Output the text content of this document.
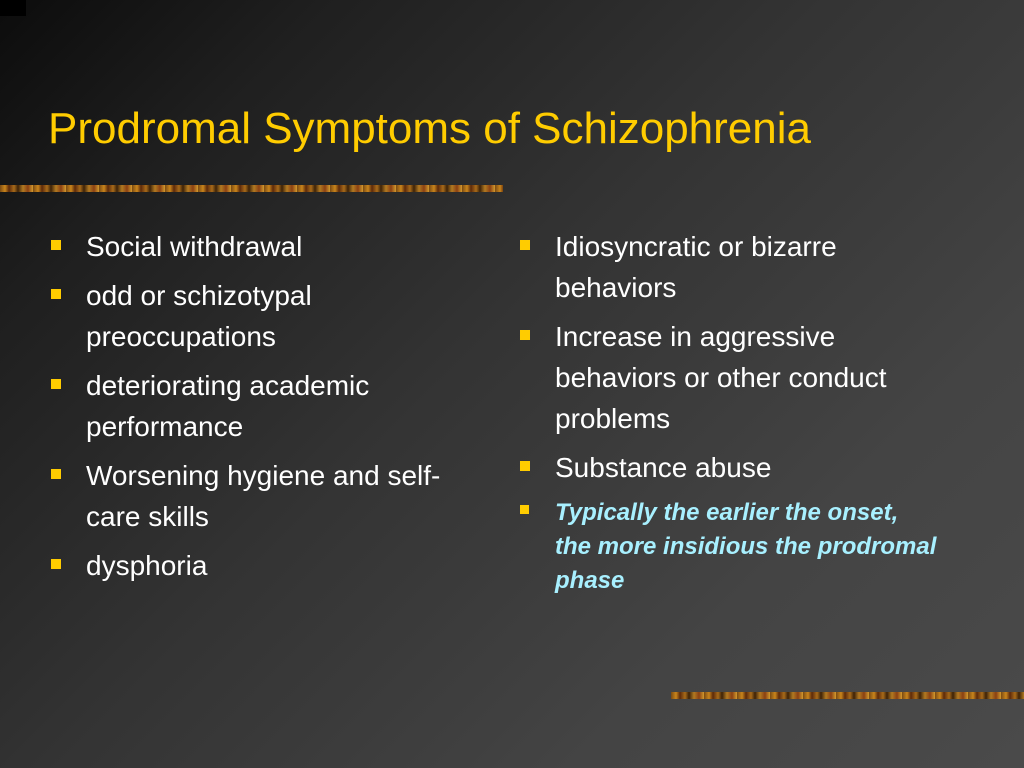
Prodromal Symptoms of Schizophrenia
Social withdrawal
odd or schizotypal preoccupations
deteriorating academic performance
Worsening hygiene and self-care skills
dysphoria
Idiosyncratic or bizarre behaviors
Increase in aggressive behaviors or other conduct problems
Substance abuse
Typically the earlier the onset, the more insidious the prodromal phase
